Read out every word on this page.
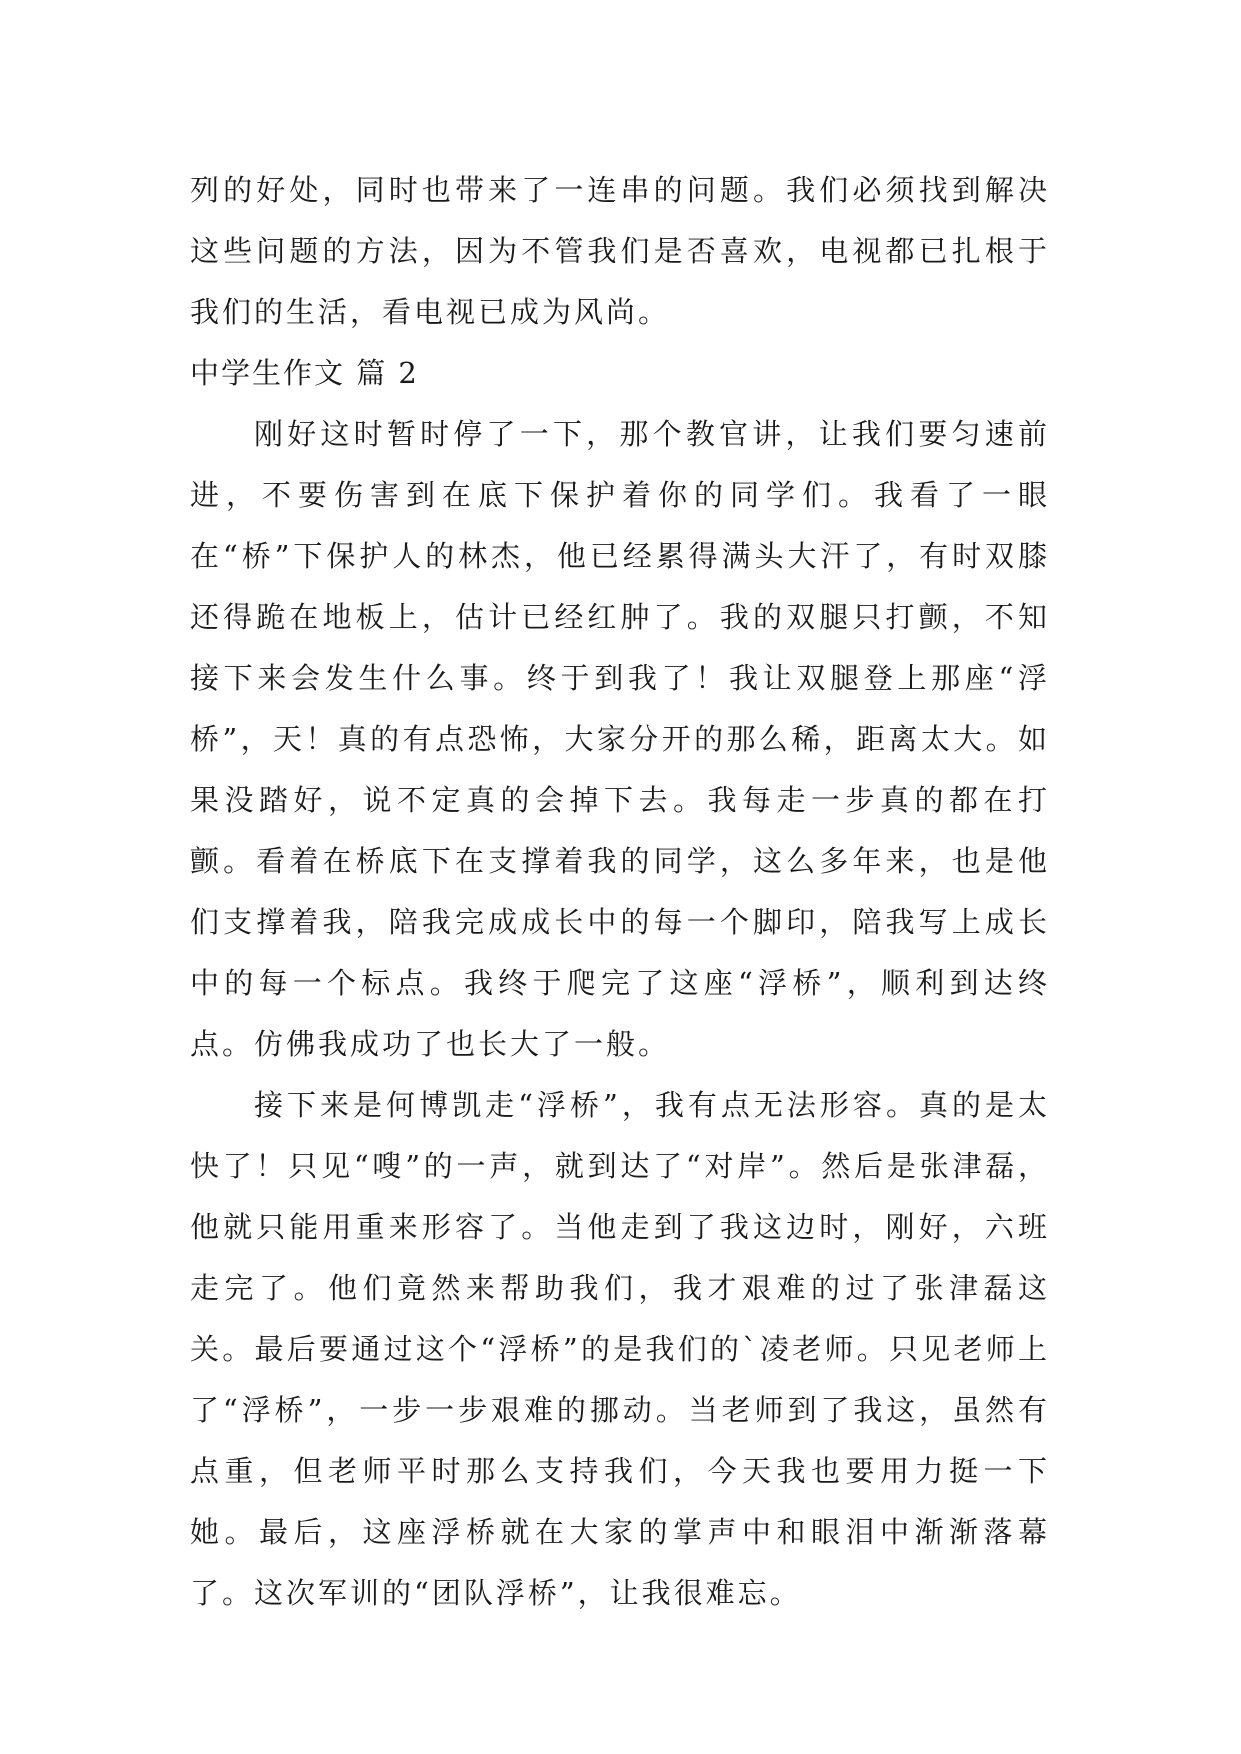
列的好处，同时也带来了一连串的问题。我们必须找到解决这些问题的方法，因为不管我们是否喜欢，电视都已扎根于我们的生活，看电视已成为风尚。

中学生作文 篇 2

刚好这时暂时停了一下，那个教官讲，让我们要匀速前进，不要伤害到在底下保护着你的同学们。我看了一眼在“桥”下保护人的林杰，他已经累得满头大汗了，有时双膝还得跪在地板上，估计已经红肿了。我的双腿只打颤，不知接下来会发生什么事。终于到我了！我让双腿登上那座“浮桥”，天！真的有点恐怖，大家分开的那么稀，距离太大。如果没踏好，说不定真的会掉下去。我每走一步真的都在打颤。看着在桥底下在支撑着我的同学，这么多年来，也是他们支撑着我，陪我完成成长中的每一个脚印，陪我写上成长中的每一个标点。我终于爬完了这座“浮桥”，顺利到达终点。仿佛我成功了也长大了一般。

接下来是何博凯走“浮桥”，我有点无法形容。真的是太快了！只见“嗖”的一声，就到达了“对岸”。然后是张津磊，他就只能用重来形容了。当他走到了我这边时，刚好，六班走完了。他们竟然来帮助我们，我才艰难的过了张津磊这关。最后要通过这个“浮桥”的是我们的`凌老师。只见老师上了“浮桥”，一步一步艰难的挪动。当老师到了我这，虽然有点重，但老师平时那么支持我们，今天我也要用力挺一下她。最后，这座浮桥就在大家的掌声中和眼泪中渐渐落幕了。这次军训的“团队浮桥”，让我很难忘。
